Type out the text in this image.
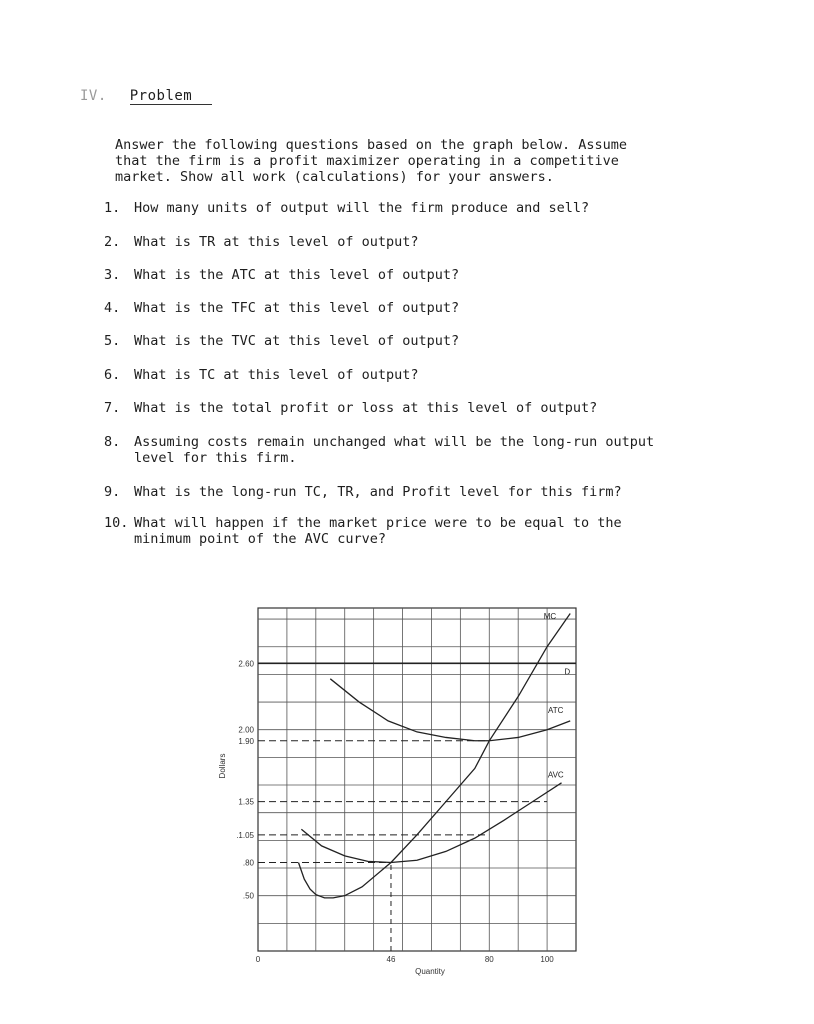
IV. Problem
Answer the following questions based on the graph below. Assume
that the firm is a profit maximizer operating in a competitive
market. Show all work (calculations) for your answers.
1. How many units of output will the firm produce and sell?
2. What is TR at this level of output?
3. What is the ATC at this level of output?
4. What is the TFC at this level of output?
5. What is the TVC at this level of output?
6. What is TC at this level of output?
7. What is the total profit or loss at this level of output?
8. Assuming costs remain unchanged what will be the long-run output
level for this firm.
9. What is the long-run TC, TR, and Profit level for this firm?
10. What will happen if the market price were to be equal to the
minimum point of the AVC curve?
2.60
2.00
1.90
1.35
.1.05
.80
.50
0	46	80	100
MC
D
ATC
AVC
Dollars
Quantity
